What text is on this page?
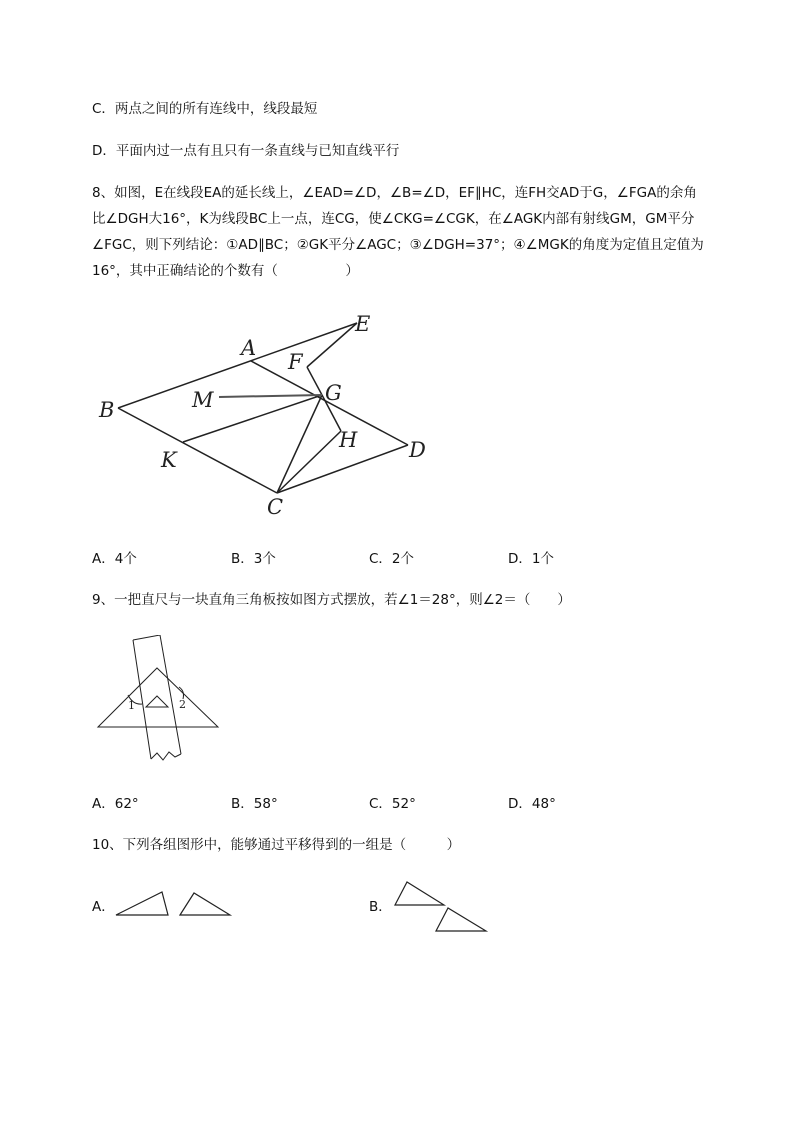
C．两点之间的所有连线中，线段最短
D．平面内过一点有且只有一条直线与已知直线平行
8、如图，E在线段EA的延长线上，∠EAD=∠D，∠B=∠D，EF∥HC，连FH交AD于G，∠FGA的余角
比∠DGH大16°，K为线段BC上一点，连CG，使∠CKG=∠CGK，在∠AGK内部有射线GM，GM平分
∠FGC，则下列结论：①AD∥BC；②GK平分∠AGC；③∠DGH=37°；④∠MGK的角度为定值且定值为
16°，其中正确结论的个数有（　　　　　）
A
E
F
M	G
B
H D
K
C
A．4个	B．3个	C．2个	D．1个
9、一把直尺与一块直角三角板按如图方式摆放，若∠1＝28°，则∠2＝（　　）
1	2
A．62°	B．58°	C．52°	D．48°
10、下列各组图形中，能够通过平移得到的一组是（　　　）
A．	B．
